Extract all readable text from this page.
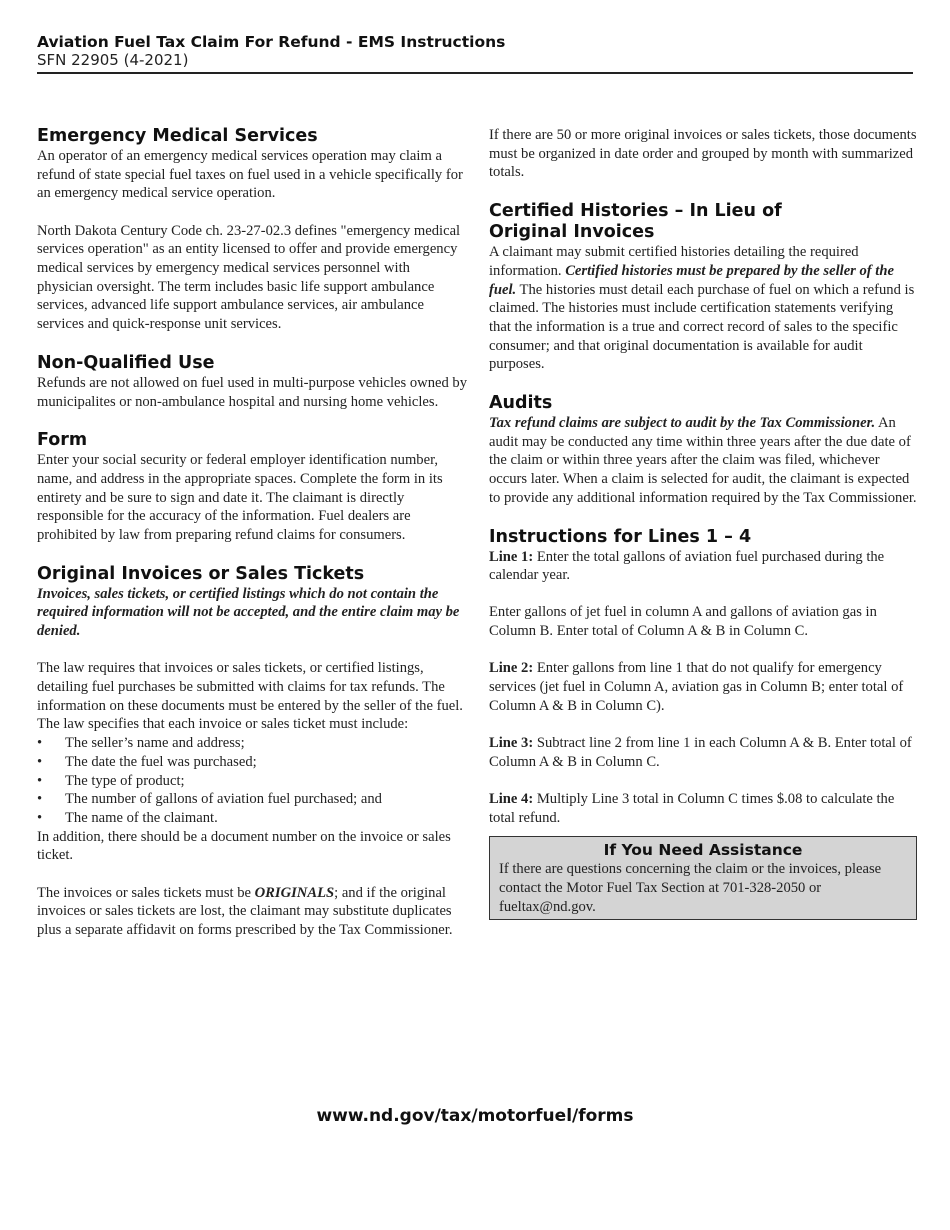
Aviation Fuel Tax Claim For Refund - EMS Instructions
SFN 22905 (4-2021)
Emergency Medical Services

An operator of an emergency medical services operation may claim a refund of state special fuel taxes on fuel used in a vehicle specifically for an emergency medical service operation.

North Dakota Century Code ch. 23-27-02.3 defines "emergency medical services operation" as an entity licensed to offer and provide emergency medical services by emergency medical services personnel with physician oversight. The term includes basic life support ambulance services, advanced life support ambulance services, air ambulance services and quick-response unit services.

Non-Qualified Use

Refunds are not allowed on fuel used in multi-purpose vehicles owned by municipalites or non-ambulance hospital and nursing home vehicles.

Form

Enter your social security or federal employer identification number, name, and address in the appropriate spaces. Complete the form in its entirety and be sure to sign and date it. The claimant is directly responsible for the accuracy of the information. Fuel dealers are prohibited by law from preparing refund claims for consumers.

Original Invoices or Sales Tickets

Invoices, sales tickets, or certified listings which do not contain the required information will not be accepted, and the entire claim may be denied.

The law requires that invoices or sales tickets, or certified listings, detailing fuel purchases be submitted with claims for tax refunds. The information on these documents must be entered by the seller of the fuel. The law specifies that each invoice or sales ticket must include:

• The seller’s name and address;
• The date the fuel was purchased;
• The type of product;
• The number of gallons of aviation fuel purchased; and
• The name of the claimant.

In addition, there should be a document number on the invoice or sales ticket.

The invoices or sales tickets must be ORIGINALS; and if the original invoices or sales tickets are lost, the claimant may substitute duplicates plus a separate affidavit on forms prescribed by the Tax Commissioner.

If there are 50 or more original invoices or sales tickets, those documents must be organized in date order and grouped by month with summarized totals.

Certified Histories – In Lieu of
Original Invoices

A claimant may submit certified histories detailing the required information. Certified histories must be prepared by the seller of the fuel. The histories must detail each purchase of fuel on which a refund is claimed. The histories must include certification statements verifying that the information is a true and correct record of sales to the specific consumer; and that original documentation is available for audit purposes.

Audits

Tax refund claims are subject to audit by the Tax Commissioner. An audit may be conducted any time within three years after the due date of the claim or within three years after the claim was filed, whichever occurs later. When a claim is selected for audit, the claimant is expected to provide any additional information required by the Tax Commissioner.

Instructions for Lines 1 – 4

Line 1: Enter the total gallons of aviation fuel purchased during the calendar year.

Enter gallons of jet fuel in column A and gallons of aviation gas in Column B. Enter total of Column A & B in Column C.

Line 2: Enter gallons from line 1 that do not qualify for emergency services (jet fuel in Column A, aviation gas in Column B; enter total of Column A & B in Column C).

Line 3: Subtract line 2 from line 1 in each Column A & B. Enter total of Column A & B in Column C.

Line 4: Multiply Line 3 total in Column C times $.08 to calculate the total refund.

If You Need Assistance

If there are questions concerning the claim or the invoices, please contact the Motor Fuel Tax Section at 701-328-2050 or fueltax@nd.gov.

www.nd.gov/tax/motorfuel/forms
